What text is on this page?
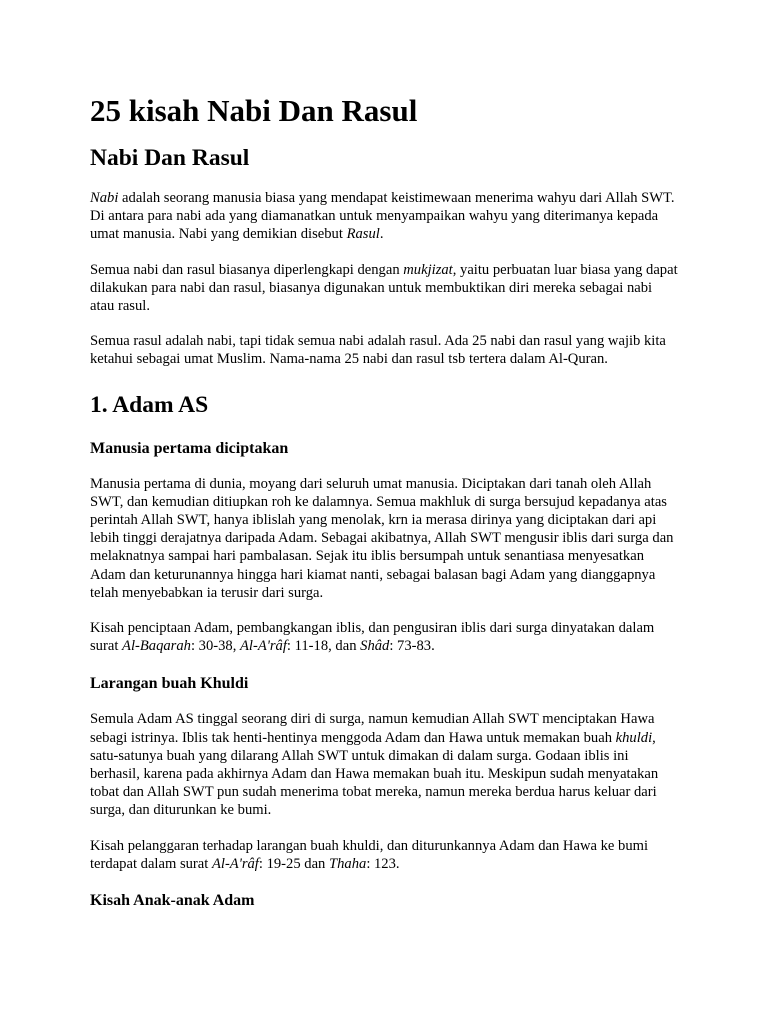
25 kisah Nabi Dan Rasul
Nabi Dan Rasul

Nabi adalah seorang manusia biasa yang mendapat keistimewaan menerima wahyu dari Allah SWT. Di antara para nabi ada yang diamanatkan untuk menyampaikan wahyu yang diterimanya kepada umat manusia. Nabi yang demikian disebut Rasul.

Semua nabi dan rasul biasanya diperlengkapi dengan mukjizat, yaitu perbuatan luar biasa yang dapat dilakukan para nabi dan rasul, biasanya digunakan untuk membuktikan diri mereka sebagai nabi atau rasul.

Semua rasul adalah nabi, tapi tidak semua nabi adalah rasul. Ada 25 nabi dan rasul yang wajib kita ketahui sebagai umat Muslim. Nama-nama 25 nabi dan rasul tsb tertera dalam Al-Quran.

1. Adam AS
Manusia pertama diciptakan

Manusia pertama di dunia, moyang dari seluruh umat manusia. Diciptakan dari tanah oleh Allah SWT, dan kemudian ditiupkan roh ke dalamnya. Semua makhluk di surga bersujud kepadanya atas perintah Allah SWT, hanya iblislah yang menolak, krn ia merasa dirinya yang diciptakan dari api lebih tinggi derajatnya daripada Adam. Sebagai akibatnya, Allah SWT mengusir iblis dari surga dan melaknatnya sampai hari pambalasan. Sejak itu iblis bersumpah untuk senantiasa menyesatkan Adam dan keturunannya hingga hari kiamat nanti, sebagai balasan bagi Adam yang dianggapnya telah menyebabkan ia terusir dari surga.

Kisah penciptaan Adam, pembangkangan iblis, dan pengusiran iblis dari surga dinyatakan dalam surat Al-Baqarah: 30-38, Al-A'râf: 11-18, dan Shâd: 73-83.

Larangan buah Khuldi

Semula Adam AS tinggal seorang diri di surga, namun kemudian Allah SWT menciptakan Hawa sebagi istrinya. Iblis tak henti-hentinya menggoda Adam dan Hawa untuk memakan buah khuldi, satu-satunya buah yang dilarang Allah SWT untuk dimakan di dalam surga. Godaan iblis ini berhasil, karena pada akhirnya Adam dan Hawa memakan buah itu. Meskipun sudah menyatakan tobat dan Allah SWT pun sudah menerima tobat mereka, namun mereka berdua harus keluar dari surga, dan diturunkan ke bumi.

Kisah pelanggaran terhadap larangan buah khuldi, dan diturunkannya Adam dan Hawa ke bumi terdapat dalam surat Al-A'râf: 19-25 dan Thaha: 123.

Kisah Anak-anak Adam
